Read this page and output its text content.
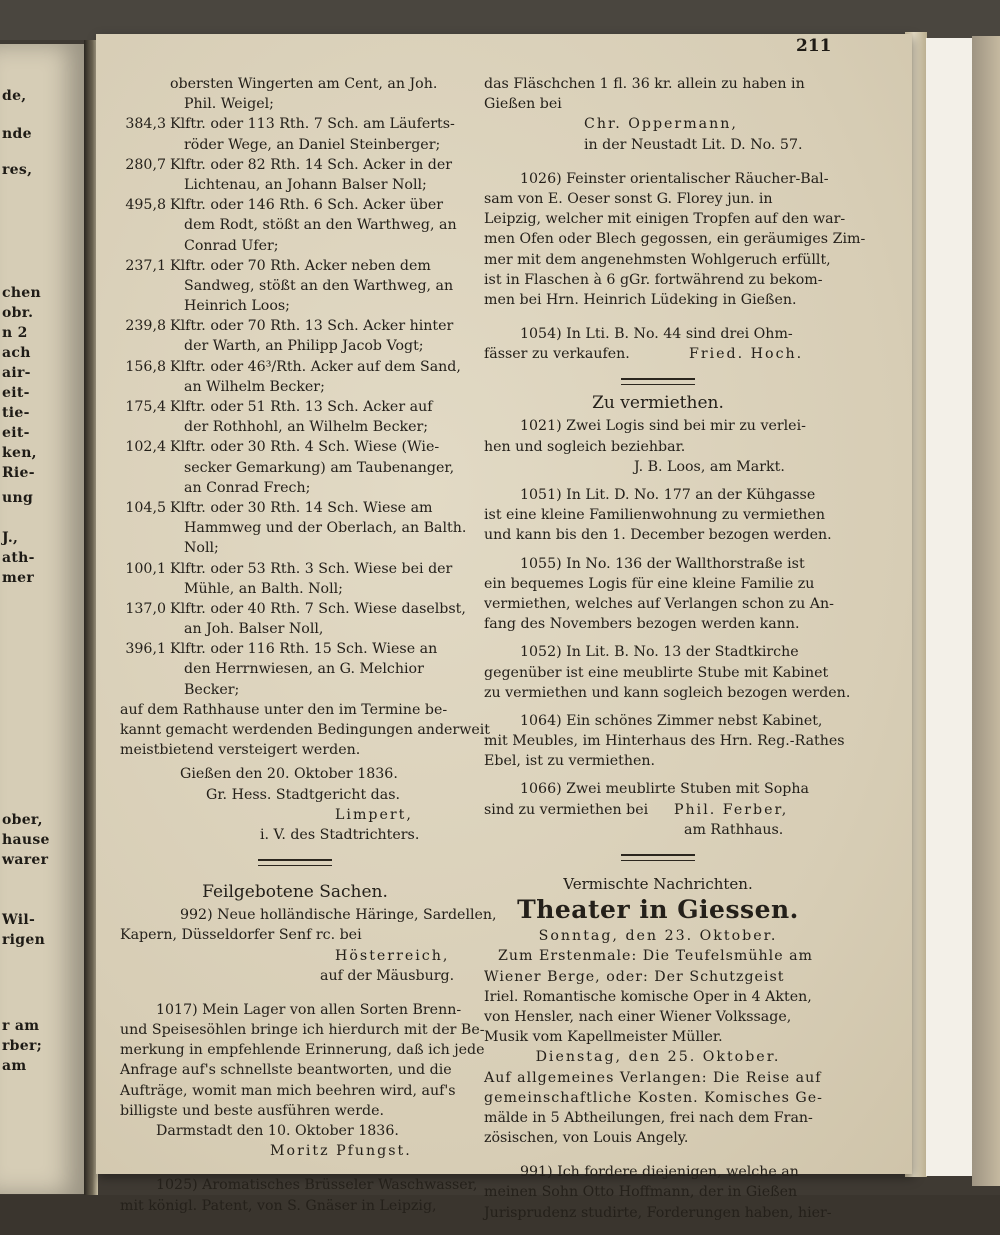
de,
nde
res,
chen
obr.
n 2
ach
air-
eit-
tie-
eit-
ken,
Rie-
ung
J.,
ath-
mer
ober,
hause
warer
Wil-
rigen
r am
rber;
am
211
obersten Wingerten am Cent, an Joh.
Phil. Weigel;
384,3 Klftr. oder 113 Rth. 7 Sch. am Läuferts-
röder Wege, an Daniel Steinberger;
280,7 Klftr. oder 82 Rth. 14 Sch. Acker in der
Lichtenau, an Johann Balser Noll;
495,8 Klftr. oder 146 Rth. 6 Sch. Acker über
dem Rodt, stößt an den Warthweg, an
Conrad Ufer;
237,1 Klftr. oder 70 Rth. Acker neben dem
Sandweg, stößt an den Warthweg, an
Heinrich Loos;
239,8 Klftr. oder 70 Rth. 13 Sch. Acker hinter
der Warth, an Philipp Jacob Vogt;
156,8 Klftr. oder 46³/Rth. Acker auf dem Sand,
an Wilhelm Becker;
175,4 Klftr. oder 51 Rth. 13 Sch. Acker auf
der Rothhohl, an Wilhelm Becker;
102,4 Klftr. oder 30 Rth. 4 Sch. Wiese (Wie-
secker Gemarkung) am Taubenanger,
an Conrad Frech;
104,5 Klftr. oder 30 Rth. 14 Sch. Wiese am
Hammweg und der Oberlach, an Balth.
Noll;
100,1 Klftr. oder 53 Rth. 3 Sch. Wiese bei der
Mühle, an Balth. Noll;
137,0 Klftr. oder 40 Rth. 7 Sch. Wiese daselbst,
an Joh. Balser Noll,
396,1 Klftr. oder 116 Rth. 15 Sch. Wiese an
den Herrnwiesen, an G. Melchior
Becker;
auf dem Rathhause unter den im Termine be-
kannt gemacht werdenden Bedingungen anderweit
meistbietend versteigert werden.
Gießen den 20. Oktober 1836.
Gr. Hess. Stadtgericht das.
Limpert,
i. V. des Stadtrichters.
Feilgebotene Sachen.
992) Neue holländische Häringe, Sardellen,
Kapern, Düsseldorfer Senf rc. bei
Hösterreich,
auf der Mäusburg.
1017) Mein Lager von allen Sorten Brenn-
und Speisesöhlen bringe ich hierdurch mit der Be-
merkung in empfehlende Erinnerung, daß ich jede
Anfrage auf's schnellste beantworten, und die
Aufträge, womit man mich beehren wird, auf's
billigste und beste ausführen werde.
Darmstadt den 10. Oktober 1836.
Moritz Pfungst.
1025) Aromatisches Brüsseler Waschwasser,
mit königl. Patent, von S. Gnäser in Leipzig,
das Fläschchen 1 fl. 36 kr. allein zu haben in
Gießen bei
Chr. Oppermann,
in der Neustadt Lit. D. No. 57.
1026) Feinster orientalischer Räucher-Bal-
sam von E. Oeser sonst G. Florey jun. in
Leipzig, welcher mit einigen Tropfen auf den war-
men Ofen oder Blech gegossen, ein geräumiges Zim-
mer mit dem angenehmsten Wohlgeruch erfüllt,
ist in Flaschen à 6 gGr. fortwährend zu bekom-
men bei Hrn. Heinrich Lüdeking in Gießen.
1054) In Lti. B. No. 44 sind drei Ohm-
fässer zu verkaufen.	Fried. Hoch.
Zu vermiethen.
1021) Zwei Logis sind bei mir zu verlei-
hen und sogleich beziehbar.
J. B. Loos, am Markt.
1051) In Lit. D. No. 177 an der Kühgasse
ist eine kleine Familienwohnung zu vermiethen
und kann bis den 1. December bezogen werden.
1055) In No. 136 der Wallthorstraße ist
ein bequemes Logis für eine kleine Familie zu
vermiethen, welches auf Verlangen schon zu An-
fang des Novembers bezogen werden kann.
1052) In Lit. B. No. 13 der Stadtkirche
gegenüber ist eine meublirte Stube mit Kabinet
zu vermiethen und kann sogleich bezogen werden.
1064) Ein schönes Zimmer nebst Kabinet,
mit Meubles, im Hinterhaus des Hrn. Reg.-Rathes
Ebel, ist zu vermiethen.
1066) Zwei meublirte Stuben mit Sopha
sind zu vermiethen bei Phil. Ferber,
am Rathhaus.
Vermischte Nachrichten.
Theater in Giessen.
Sonntag, den 23. Oktober.
Zum Erstenmale: Die Teufelsmühle am
Wiener Berge, oder: Der Schutzgeist
Iriel. Romantische komische Oper in 4 Akten,
von Hensler, nach einer Wiener Volkssage,
Musik vom Kapellmeister Müller.
Dienstag, den 25. Oktober.
Auf allgemeines Verlangen: Die Reise auf
gemeinschaftliche Kosten. Komisches Ge-
mälde in 5 Abtheilungen, frei nach dem Fran-
zösischen, von Louis Angely.
991) Ich fordere diejenigen, welche an
meinen Sohn Otto Hoffmann, der in Gießen
Jurisprudenz studirte, Forderungen haben, hier-
